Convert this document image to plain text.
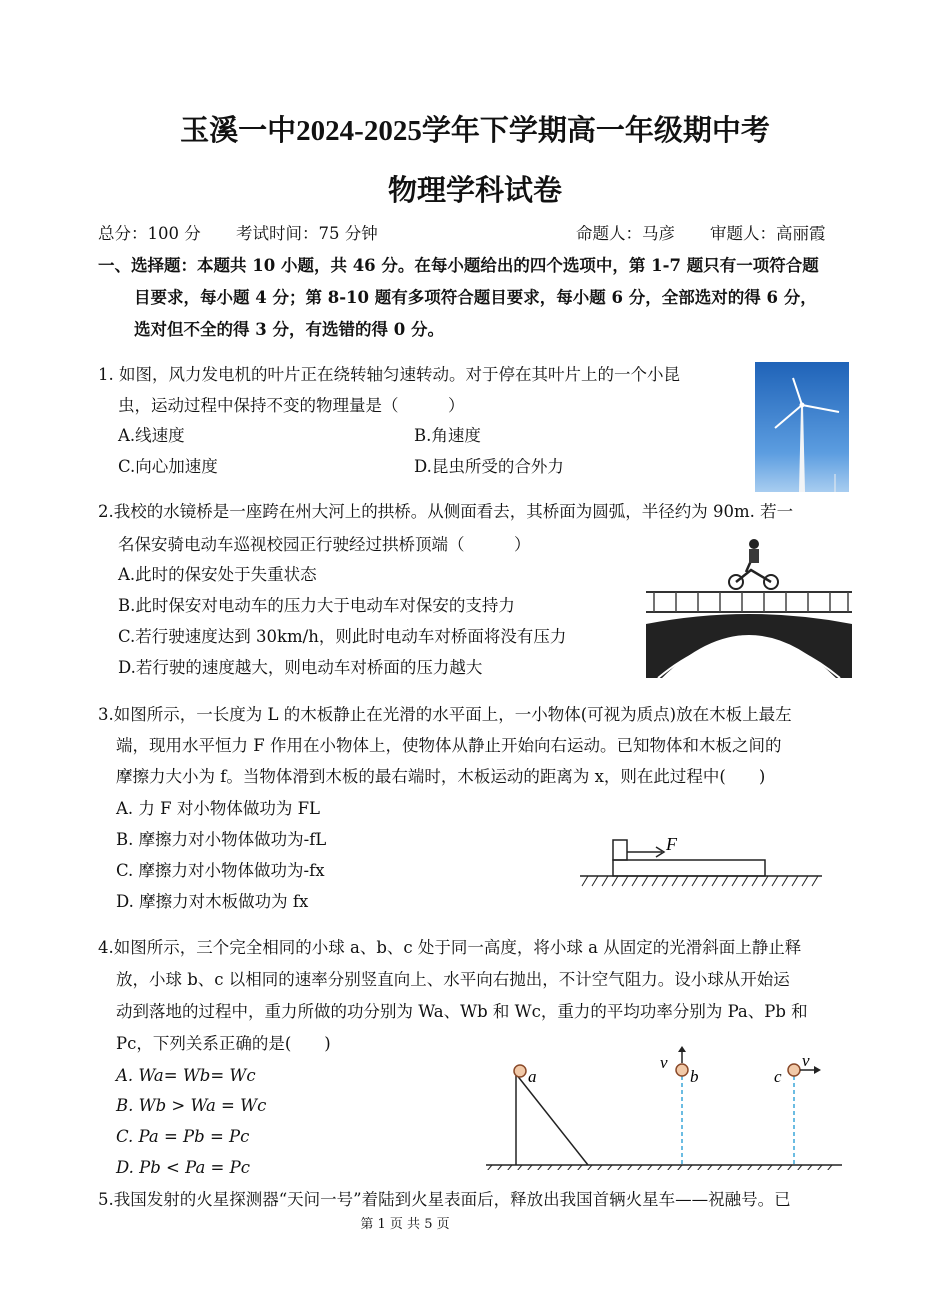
玉溪一中2024-2025学年下学期高一年级期中考
物理学科试卷
总分：100 分 考试时间：75 分钟	命题人：马彦 审题人：高丽霞
一、选择题：本题共 10 小题，共 46 分。在每小题给出的四个选项中，第 1-7 题只有一项符合题
目要求，每小题 4 分；第 8-10 题有多项符合题目要求，每小题 6 分，全部选对的得 6 分，
选对但不全的得 3 分，有选错的得 0 分。
1. 如图，风力发电机的叶片正在绕转轴匀速转动。对于停在其叶片上的一个小昆
虫，运动过程中保持不变的物理量是（　　　）
A.线速度	B.角速度
C.向心加速度	D.昆虫所受的合外力
2.我校的水镜桥是一座跨在州大河上的拱桥。从侧面看去，其桥面为圆弧，半径约为 90m. 若一
名保安骑电动车巡视校园正行驶经过拱桥顶端（　　　）
A.此时的保安处于失重状态
B.此时保安对电动车的压力大于电动车对保安的支持力
C.若行驶速度达到 30km/h，则此时电动车对桥面将没有压力
D.若行驶的速度越大，则电动车对桥面的压力越大
3.如图所示，一长度为 L 的木板静止在光滑的水平面上，一小物体(可视为质点)放在木板上最左
端，现用水平恒力 F 作用在小物体上，使物体从静止开始向右运动。已知物体和木板之间的
摩擦力大小为 f。当物体滑到木板的最右端时，木板运动的距离为 x，则在此过程中(　　)
A. 力 F 对小物体做功为 FL
B. 摩擦力对小物体做功为-fL
C. 摩擦力对小物体做功为-fx
D. 摩擦力对木板做功为 fx
F
4.如图所示，三个完全相同的小球 a、b、c 处于同一高度，将小球 a 从固定的光滑斜面上静止释
放，小球 b、c 以相同的速率分别竖直向上、水平向右抛出，不计空气阻力。设小球从开始运
动到落地的过程中，重力所做的功分别为 Wa、Wb 和 Wc，重力的平均功率分别为 Pa、Pb 和
Pc，下列关系正确的是(　　)
A. Wa= Wb= Wc
B. Wb > Wa = Wc
C. Pa = Pb = Pc
D. Pb < Pa = Pc
a	b	c
v	v
5.我国发射的火星探测器“天问一号”着陆到火星表面后，释放出我国首辆火星车——祝融号。已
第 1 页 共 5 页
